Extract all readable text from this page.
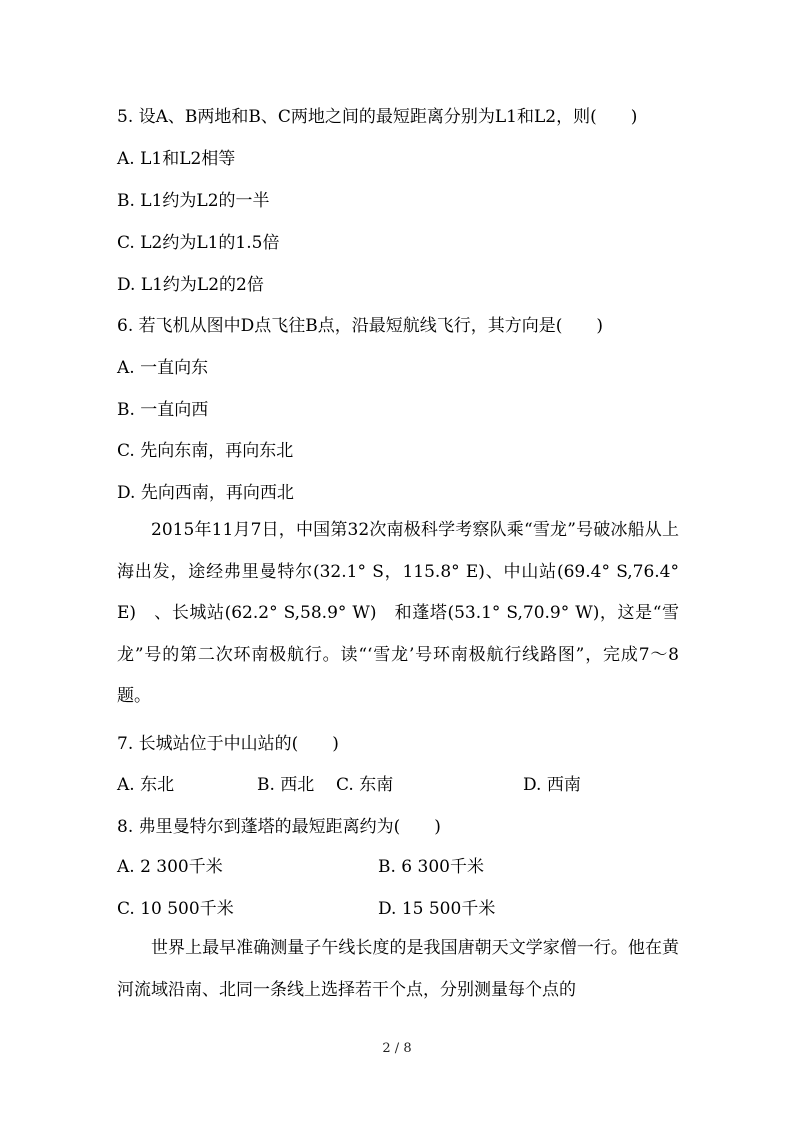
5. 设A、B两地和B、C两地之间的最短距离分别为L1和L2，则(　　)
A. L1和L2相等
B. L1约为L2的一半
C. L2约为L1的1.5倍
D. L1约为L2的2倍
6. 若飞机从图中D点飞往B点，沿最短航线飞行，其方向是(　　)
A. 一直向东
B. 一直向西
C. 先向东南，再向东北
D. 先向西南，再向西北

2015年11月7日，中国第32次南极科学考察队乘“雪龙”号破冰船从上海出发，途经弗里曼特尔(32.1° S，115.8° E)、中山站(69.4° S,76.4° E)　、长城站(62.2° S,58.9° W)　和蓬塔(53.1° S,70.9° W)，这是“雪龙”号的第二次环南极航行。读“‘雪龙’号环南极航行线路图”，完成7～8题。

7. 长城站位于中山站的(　　)
A. 东北	B. 西北 C. 东南	D. 西南
8. 弗里曼特尔到蓬塔的最短距离约为(　　)
A. 2 300千米	B. 6 300千米
C. 10 500千米	D. 15 500千米

世界上最早准确测量子午线长度的是我国唐朝天文学家僧一行。他在黄河流域沿南、北同一条线上选择若干个点，分别测量每个点的

2 / 8
